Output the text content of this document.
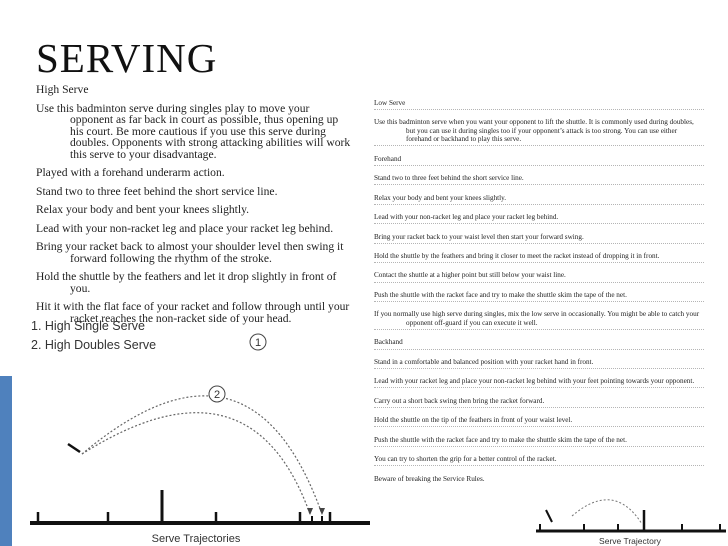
SERVING

High Serve

Use this badminton serve during singles play to move your opponent as far back in court as possible, thus opening up his court. Be more cautious if you use this serve during doubles. Opponents with strong attacking abilities will work this serve to your disadvantage.

Played with a forehand underarm action.

Stand two to three feet behind the short service line.

Relax your body and bent your knees slightly.

Lead with your non-racket leg and place your racket leg behind.

Bring your racket back to almost your shoulder level then swing it forward following the rhythm of the stroke.

Hold the shuttle by the feathers and let it drop slightly in front of you.

Hit it with the flat face of your racket and follow through until your racket reaches the non-racket side of your head.

1. High Single Serve
2. High Doubles Serve	1
2
Serve Trajectories	Serve Trajectory

Low Serve

Use this badminton serve when you want your opponent to lift the shuttle. It is commonly used during doubles, but you can use it during singles too if your opponent’s attack is too strong. You can use either forehand or backhand to play this serve.

Forehand

Stand two to three feet behind the short service line.

Relax your body and bent your knees slightly.

Lead with your non-racket leg and place your racket leg behind.

Bring your racket back to your waist level then start your forward swing.

Hold the shuttle by the feathers and bring it closer to meet the racket instead of dropping it in front.

Contact the shuttle at a higher point but still below your waist line.

Push the shuttle with the racket face and try to make the shuttle skim the tape of the net.

If you normally use high serve during singles, mix the low serve in occasionally. You might be able to catch your opponent off-guard if you can execute it well.

Backhand

Stand in a comfortable and balanced position with your racket hand in front.

Lead with your racket leg and place your non-racket leg behind with your feet pointing towards your opponent.

Carry out a short back swing then bring the racket forward.

Hold the shuttle on the tip of the feathers in front of your waist level.

Push the shuttle with the racket face and try to make the shuttle skim the tape of the net.

You can try to shorten the grip for a better control of the racket.

Beware of breaking the Service Rules.
